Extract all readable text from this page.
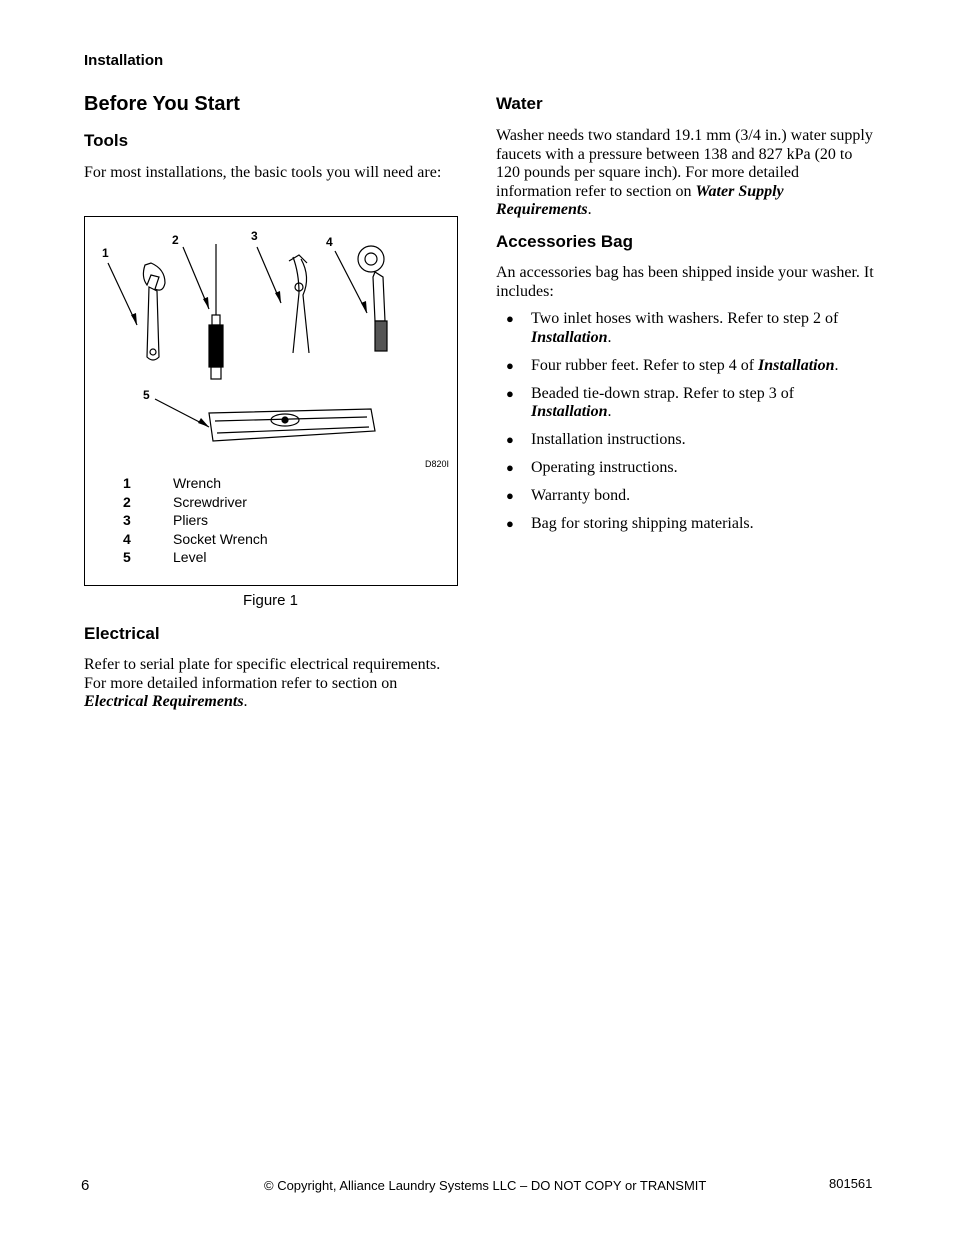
Installation
Before You Start
Tools

For most installations, the basic tools you will need are:

1
2	3	4
5
D820I
1	Wrench
2	Screwdriver
3	Pliers
4	Socket Wrench
5	Level
Figure 1
Electrical

Refer to serial plate for specific electrical requirements. For more detailed information refer to section on Electrical Requirements.

Water

Washer needs two standard 19.1 mm (3/4 in.) water supply faucets with a pressure between 138 and 827 kPa (20 to 120 pounds per square inch). For more detailed information refer to section on Water Supply Requirements.

Accessories Bag

An accessories bag has been shipped inside your washer. It includes:

● Two inlet hoses with washers. Refer to step 2 of Installation.
● Four rubber feet. Refer to step 4 of Installation.
● Beaded tie-down strap. Refer to step 3 of Installation.
● Installation instructions.
● Operating instructions.
● Warranty bond.
● Bag for storing shipping materials.
6	© Copyright, Alliance Laundry Systems LLC – DO NOT COPY or TRANSMIT	801561
